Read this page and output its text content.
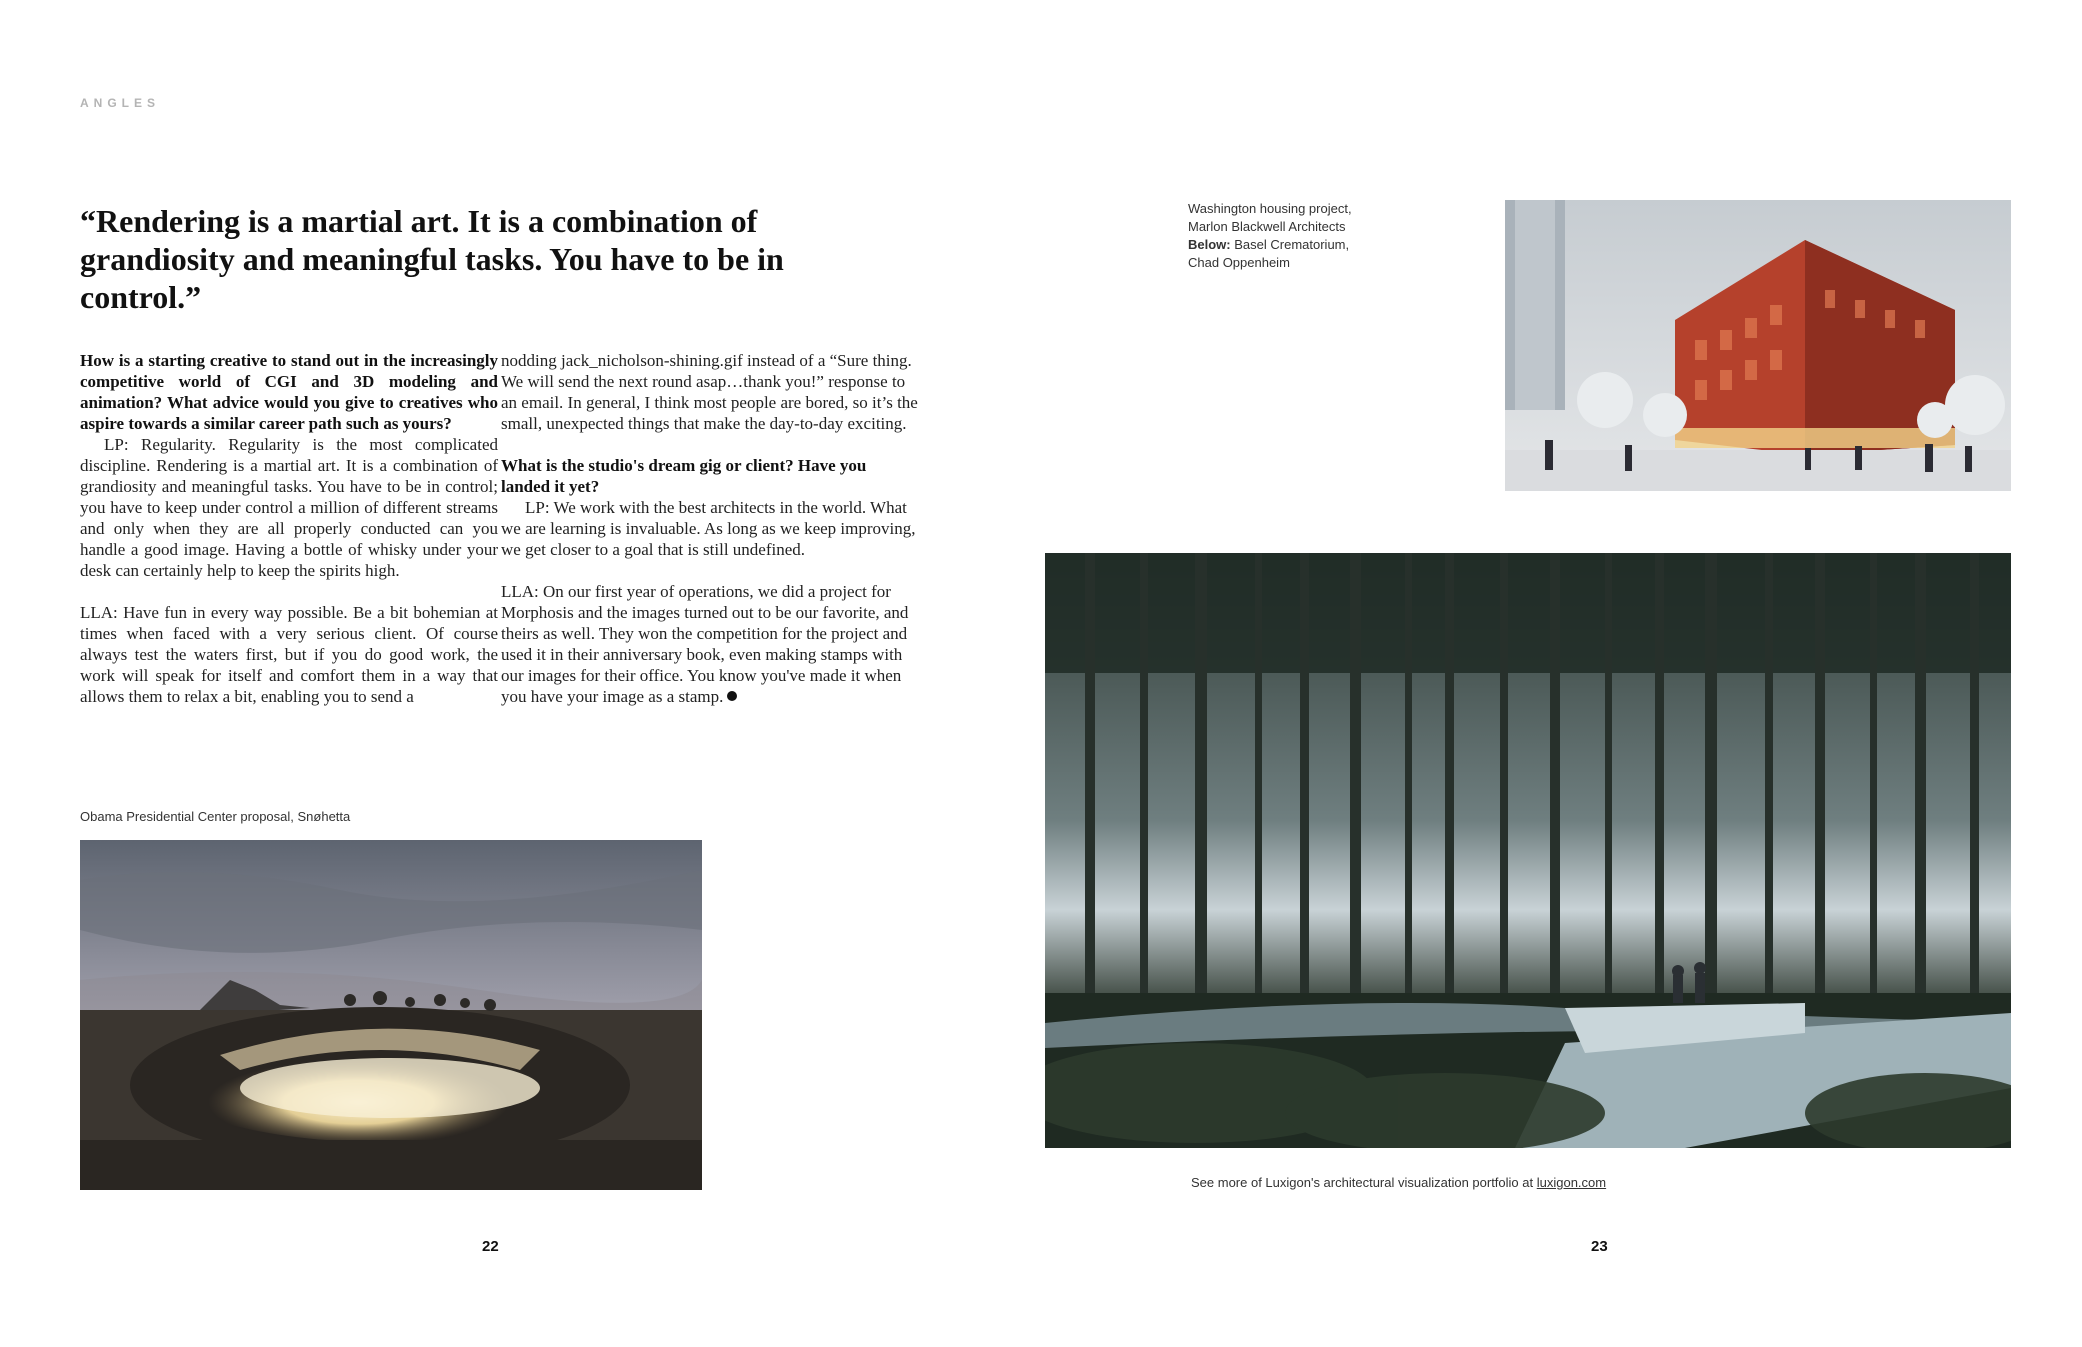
ANGLES
“Rendering is a martial art. It is a combination of grandiosity and meaningful tasks. You have to be in control.”

How is a starting creative to stand out in the increasingly competitive world of CGI and 3D modeling and animation? What advice would you give to creatives who aspire towards a similar career path such as yours?

LP: Regularity. Regularity is the most complicated discipline. Rendering is a martial art. It is a combination of grandiosity and meaningful tasks. You have to be in control; you have to keep under control a million of different streams and only when they are all properly conducted can you handle a good image. Having a bottle of whisky under your desk can certainly help to keep the spirits high.

LLA: Have fun in every way possible. Be a bit bohemian at times when faced with a very serious client. Of course always test the waters first, but if you do good work, the work will speak for itself and comfort them in a way that allows them to relax a bit, enabling you to send a

nodding jack_nicholson-shining.gif instead of a “Sure thing. We will send the next round asap…thank you!” response to an email. In general, I think most people are bored, so it’s the small, unexpected things that make the day-to-day exciting.

What is the studio's dream gig or client? Have you landed it yet?

LP: We work with the best architects in the world. What we are learning is invaluable. As long as we keep improving, we get closer to a goal that is still undefined.

LLA: On our first year of operations, we did a project for Morphosis and the images turned out to be our favorite, and theirs as well. They won the competition for the project and used it in their anniversary book, even making stamps with our images for their office. You know you've made it when you have your image as a stamp.

Obama Presidential Center proposal, Snøhetta
22
Washington housing project,
Marlon Blackwell Architects
Below: Basel Crematorium,
Chad Oppenheim
See more of Luxigon's architectural visualization portfolio at luxigon.com
23
